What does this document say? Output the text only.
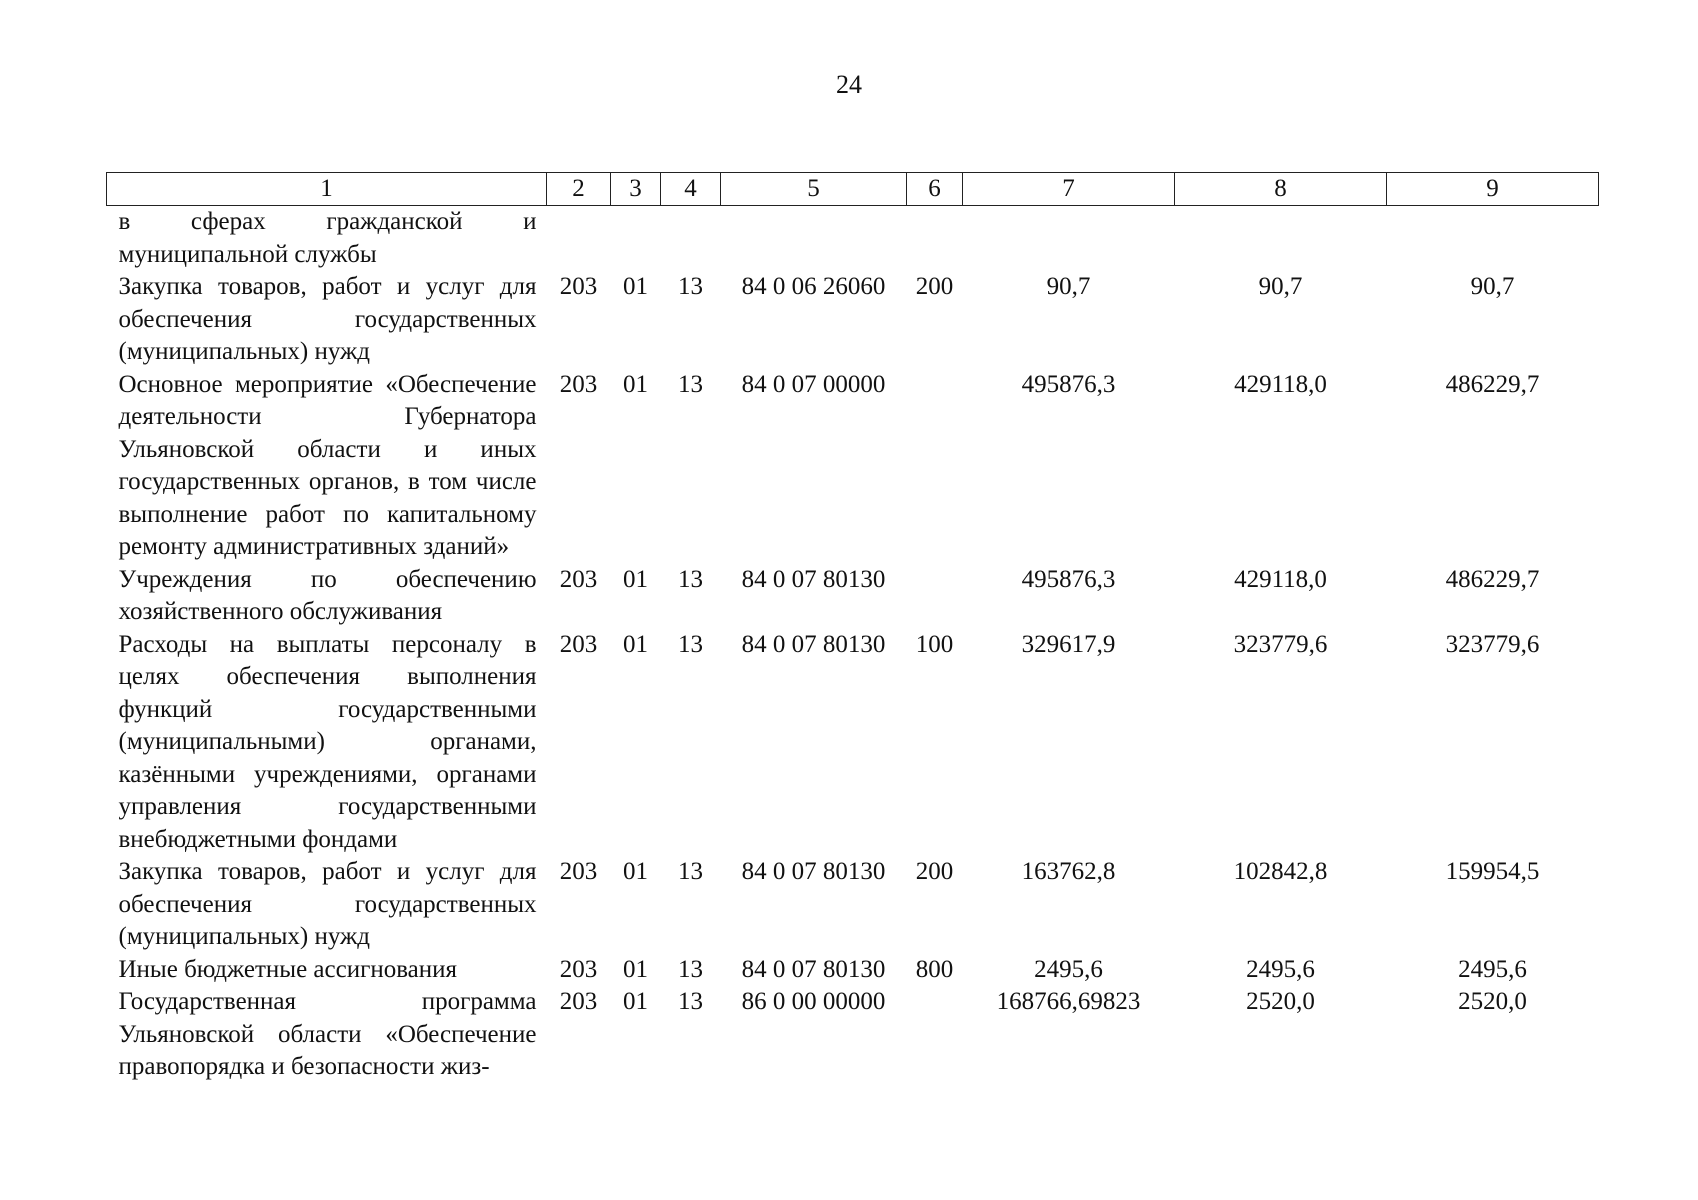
24
1	2	3	4	5	6	7	8	9
в сферах гражданской и муниципальной службы								
Закупка товаров, работ и услуг для обеспечения государственных (муниципальных) нужд	203	01	13	84 0 06 26060	200	90,7	90,7	90,7
Основное мероприятие «Обеспечение деятельности Губернатора Ульяновской области и иных государственных органов, в том числе выполнение работ по капитальному ремонту административных зданий»	203	01	13	84 0 07 00000		495876,3	429118,0	486229,7
Учреждения по обеспечению хозяйственного обслуживания	203	01	13	84 0 07 80130		495876,3	429118,0	486229,7
Расходы на выплаты персоналу в целях обеспечения выполнения функций государственными (муниципальными) органами, казёнными учреждениями, органами управления государственными внебюджетными фондами	203	01	13	84 0 07 80130	100	329617,9	323779,6	323779,6
Закупка товаров, работ и услуг для обеспечения государственных (муниципальных) нужд	203	01	13	84 0 07 80130	200	163762,8	102842,8	159954,5
Иные бюджетные ассигнования	203	01	13	84 0 07 80130	800	2495,6	2495,6	2495,6
Государственная программа Ульяновской области «Обеспечение правопорядка и безопасности жиз-	203	01	13	86 0 00 00000		168766,69823	2520,0	2520,0
